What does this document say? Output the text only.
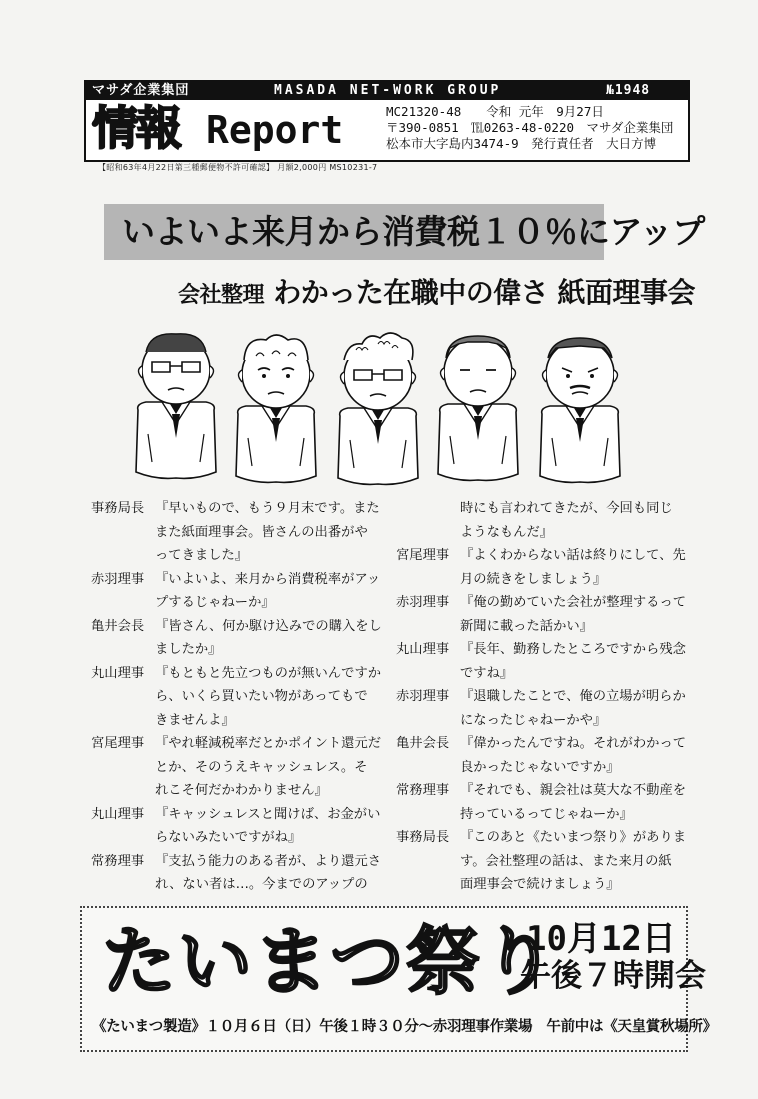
マサダ企業集団	MASADA NET-WORK GROUP	№1948
情報 Report	MC21320-48　　令和 元年　9月27日
〒390-0851　℡0263-48-0220　マサダ企業集団
松本市大字島内3474-9　発行責任者　大日方博
【昭和63年4月22日第三種郵便物不許可確認】 月額2,000円 MS10231-7
いよいよ来月から消費税１０％にアップ
会社整理 わかった在職中の偉さ 紙面理事会
事務局長 『早いもので、もう９月末です。また
また紙面理事会。皆さんの出番がや
ってきました』
赤羽理事 『いよいよ、来月から消費税率がアッ
プするじゃねーか』
亀井会長 『皆さん、何か駆け込みでの購入をし
ましたか』
丸山理事 『もともと先立つものが無いんですか
ら、いくら買いたい物があってもで
きませんよ』
宮尾理事 『やれ軽減税率だとかポイント還元だ
とか、そのうえキャッシュレス。そ
れこそ何だかわかりません』
丸山理事 『キャッシュレスと聞けば、お金がい
らないみたいですがね』
常務理事 『支払う能力のある者が、より還元さ
れ、ない者は…。今までのアップの
時にも言われてきたが、今回も同じ
ようなもんだ』
宮尾理事 『よくわからない話は終りにして、先
月の続きをしましょう』
赤羽理事 『俺の勤めていた会社が整理するって
新聞に載った話かい』
丸山理事 『長年、勤務したところですから残念
ですね』
赤羽理事 『退職したことで、俺の立場が明らか
になったじゃねーかや』
亀井会長 『偉かったんですね。それがわかって
良かったじゃないですか』
常務理事 『それでも、親会社は莫大な不動産を
持っているってじゃねーか』
事務局長 『このあと《たいまつ祭り》がありま
す。会社整理の話は、また来月の紙
面理事会で続けましょう』
たいまつ祭り
10月12日
午後７時開会
《たいまつ製造》１０月６日（日）午後１時３０分～赤羽理事作業場　午前中は《天皇賞秋場所》
